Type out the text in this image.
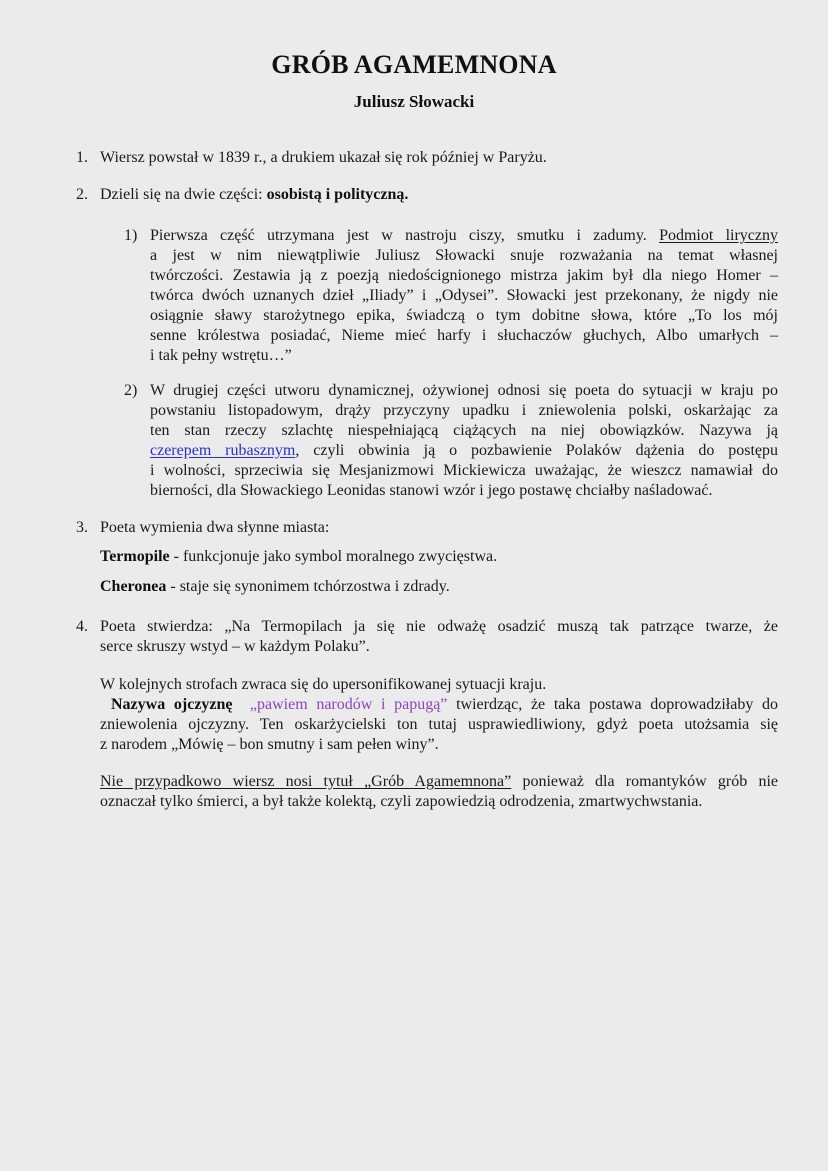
GRÓB AGAMEMNONA
Juliusz Słowacki
1. Wiersz powstał w 1839 r., a drukiem ukazał się rok później w Paryżu.
2. Dzieli się na dwie części: osobistą i polityczną.
1) Pierwsza część utrzymana jest w nastroju ciszy, smutku i zadumy. Podmiot liryczny
a jest w nim niewątpliwie Juliusz Słowacki snuje rozważania na temat własnej
twórczości. Zestawia ją z poezją niedoścignionego mistrza jakim był dla niego Homer –
twórca dwóch uznanych dzieł „Iliady” i „Odysei”. Słowacki jest przekonany, że nigdy nie
osiągnie sławy starożytnego epika, świadczą o tym dobitne słowa, które „To los mój
senne królestwa posiadać, Nieme mieć harfy i słuchaczów głuchych, Albo umarłych –
i tak pełny wstrętu…”
2) W drugiej części utworu dynamicznej, ożywionej odnosi się poeta do sytuacji w kraju po
powstaniu listopadowym, drąży przyczyny upadku i zniewolenia polski, oskarżając za
ten stan rzeczy szlachtę niespełniającą ciążących na niej obowiązków. Nazywa ją
czerepem rubasznym, czyli obwinia ją o pozbawienie Polaków dążenia do postępu
i wolności, sprzeciwia się Mesjanizmowi Mickiewicza uważając, że wieszcz namawiał do
bierności, dla Słowackiego Leonidas stanowi wzór i jego postawę chciałby naśladować.
3. Poeta wymienia dwa słynne miasta:
Termopile - funkcjonuje jako symbol moralnego zwycięstwa.
Cheronea - staje się synonimem tchórzostwa i zdrady.
4. Poeta stwierdza: „Na Termopilach ja się nie odważę osadzić muszą tak patrzące twarze, że
serce skruszy wstyd – w każdym Polaku”.
W kolejnych strofach zwraca się do upersonifikowanej sytuacji kraju.
Nazywa ojczyznę „pawiem narodów i papugą” twierdząc, że taka postawa doprowadziłaby do
zniewolenia ojczyzny. Ten oskarżycielski ton tutaj usprawiedliwiony, gdyż poeta utożsamia się
z narodem „Mówię – bon smutny i sam pełen winy”.
Nie przypadkowo wiersz nosi tytuł „Grób Agamemnona” ponieważ dla romantyków grób nie
oznaczał tylko śmierci, a był także kolektą, czyli zapowiedzią odrodzenia, zmartwychwstania.
